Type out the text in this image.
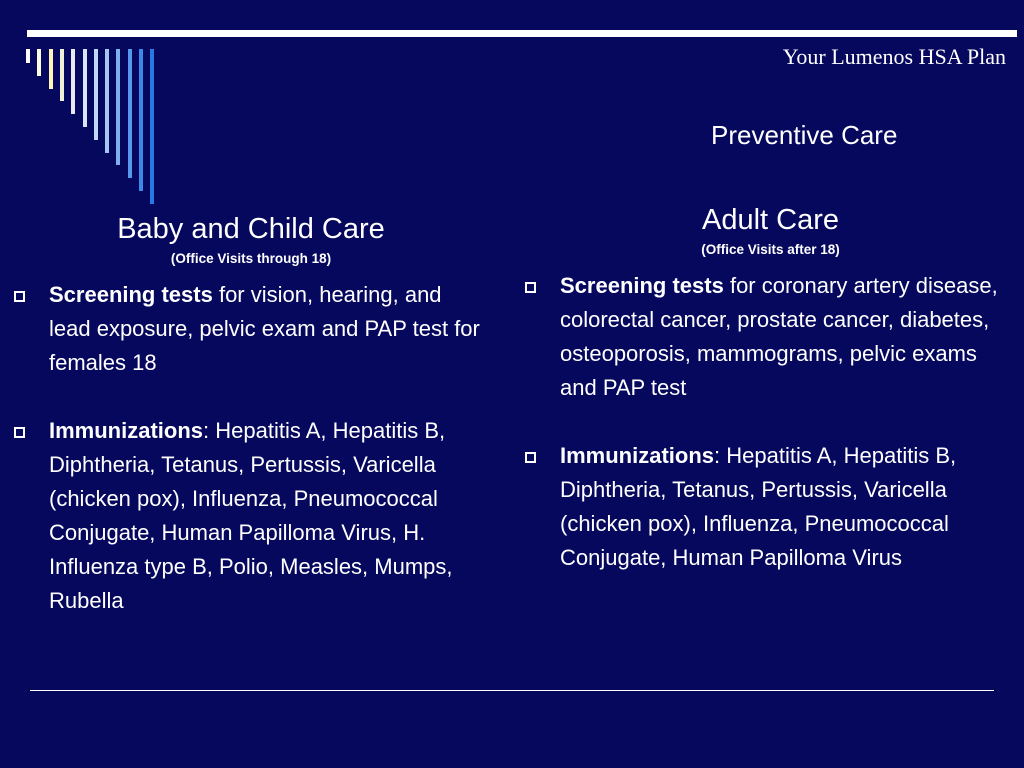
Your Lumenos HSA Plan
Preventive Care
Baby and Child Care
(Office Visits through 18)
Screening tests for vision, hearing, and lead exposure, pelvic exam and PAP test for females 18
Immunizations: Hepatitis A, Hepatitis B, Diphtheria, Tetanus, Pertussis, Varicella (chicken pox), Influenza, Pneumococcal Conjugate, Human Papilloma Virus, H. Influenza type B, Polio, Measles, Mumps, Rubella
Adult Care
(Office Visits after 18)
Screening tests for coronary artery disease, colorectal cancer, prostate cancer, diabetes, osteoporosis, mammograms, pelvic exams and PAP test
Immunizations: Hepatitis A, Hepatitis B, Diphtheria, Tetanus, Pertussis, Varicella (chicken pox), Influenza, Pneumococcal Conjugate, Human Papilloma Virus
